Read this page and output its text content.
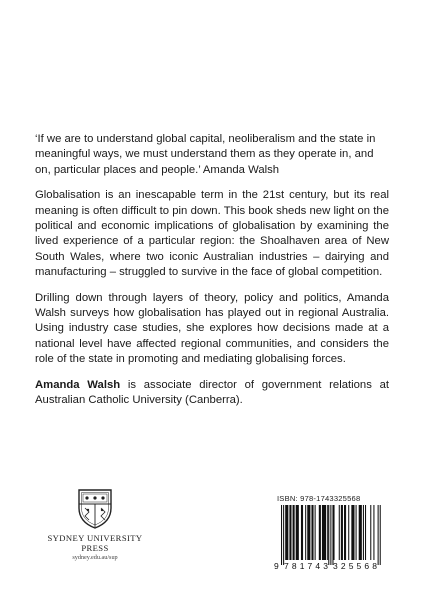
‘If we are to understand global capital, neoliberalism and the state in meaningful ways, we must understand them as they operate in, and on, particular places and people.’ Amanda Walsh

Globalisation is an inescapable term in the 21st century, but its real meaning is often difficult to pin down. This book sheds new light on the political and economic implications of globalisation by examining the lived experience of a particular region: the Shoalhaven area of New South Wales, where two iconic Australian industries – dairying and manufacturing – struggled to survive in the face of global competition.

Drilling down through layers of theory, policy and politics, Amanda Walsh surveys how globalisation has played out in regional Australia. Using industry case studies, she explores how decisions made at a national level have affected regional communities, and considers the role of the state in promoting and mediating globalising forces.

Amanda Walsh is associate director of government relations at Australian Catholic University (Canberra).

SYDNEY UNIVERSITY PRESS
sydney.edu.au/sup
ISBN: 978-1743325568
9 781743 325568
